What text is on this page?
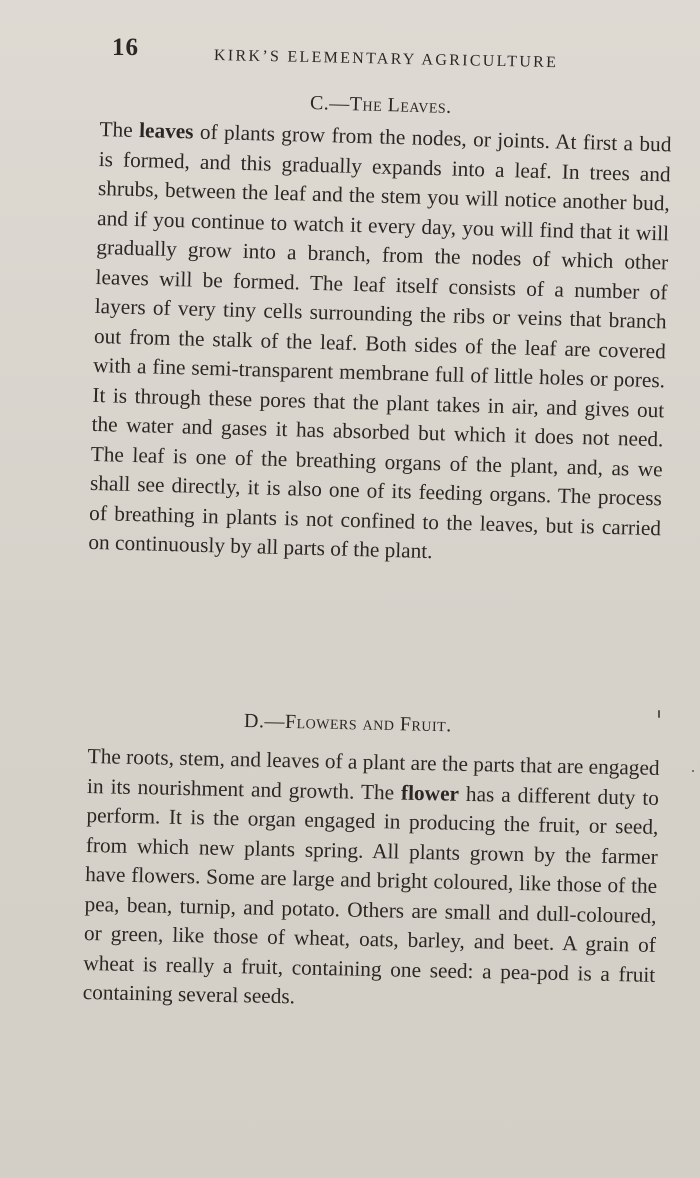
16	KIRK’S ELEMENTARY AGRICULTURE
C.—The Leaves.

The leaves of plants grow from the nodes, or joints. At first a bud is formed, and this gradually expands into a leaf. In trees and shrubs, between the leaf and the stem you will notice another bud, and if you continue to watch it every day, you will find that it will gradually grow into a branch, from the nodes of which other leaves will be formed. The leaf itself consists of a number of layers of very tiny cells surrounding the ribs or veins that branch out from the stalk of the leaf. Both sides of the leaf are covered with a fine semi-transparent membrane full of little holes or pores. It is through these pores that the plant takes in air, and gives out the water and gases it has absorbed but which it does not need. The leaf is one of the breathing organs of the plant, and, as we shall see directly, it is also one of its feeding organs. The process of breathing in plants is not confined to the leaves, but is carried on continuously by all parts of the plant.

D.—Flowers and Fruit.

The roots, stem, and leaves of a plant are the parts that are engaged in its nourishment and growth. The flower has a different duty to perform. It is the organ engaged in producing the fruit, or seed, from which new plants spring. All plants grown by the farmer have flowers. Some are large and bright coloured, like those of the pea, bean, turnip, and potato. Others are small and dull-coloured, or green, like those of wheat, oats, barley, and beet. A grain of wheat is really a fruit, containing one seed: a pea-pod is a fruit containing several seeds.
